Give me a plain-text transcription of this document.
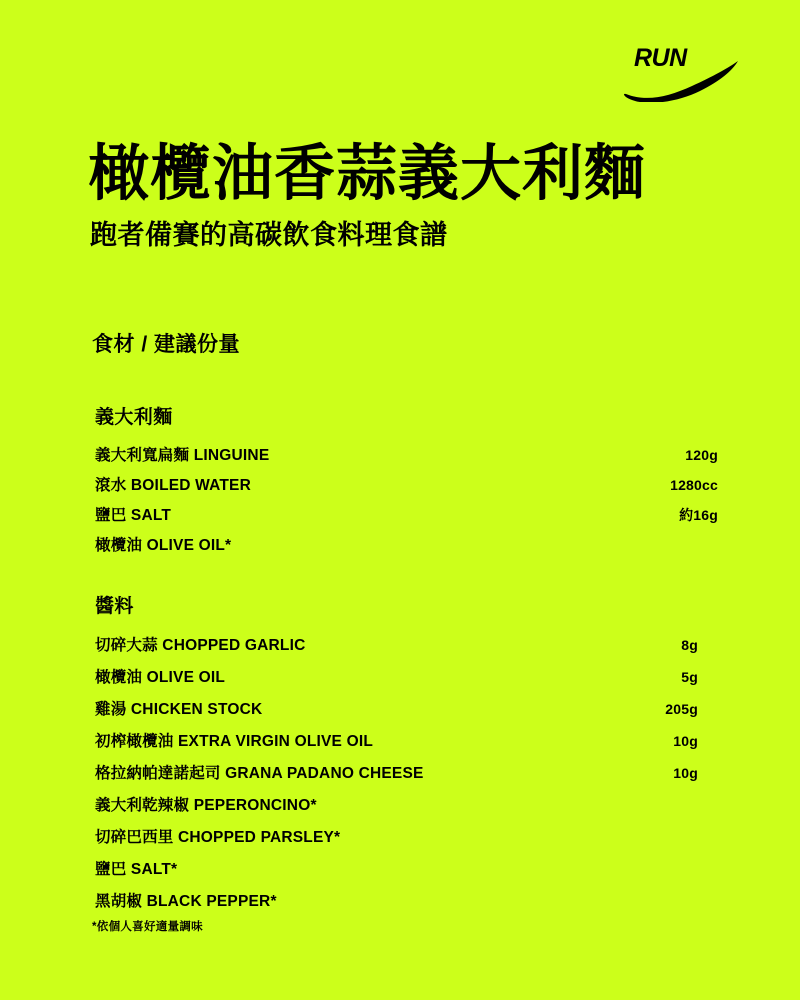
RUN
橄欖油香蒜義大利麵
跑者備賽的高碳飲食料理食譜
食材 / 建議份量
義大利麵
義大利寬扁麵 LINGUINE	120g
滾水 BOILED WATER	1280cc
鹽巴 SALT	約16g
橄欖油 OLIVE OIL*
醬料
切碎大蒜 CHOPPED GARLIC	8g
橄欖油 OLIVE OIL	5g
雞湯 CHICKEN STOCK	205g
初榨橄欖油 EXTRA VIRGIN OLIVE OIL	10g
格拉納帕達諾起司 GRANA PADANO CHEESE	10g
義大利乾辣椒 PEPERONCINO*
切碎巴西里 CHOPPED PARSLEY*
鹽巴 SALT*
黑胡椒 BLACK PEPPER*
*依個人喜好適量調味
